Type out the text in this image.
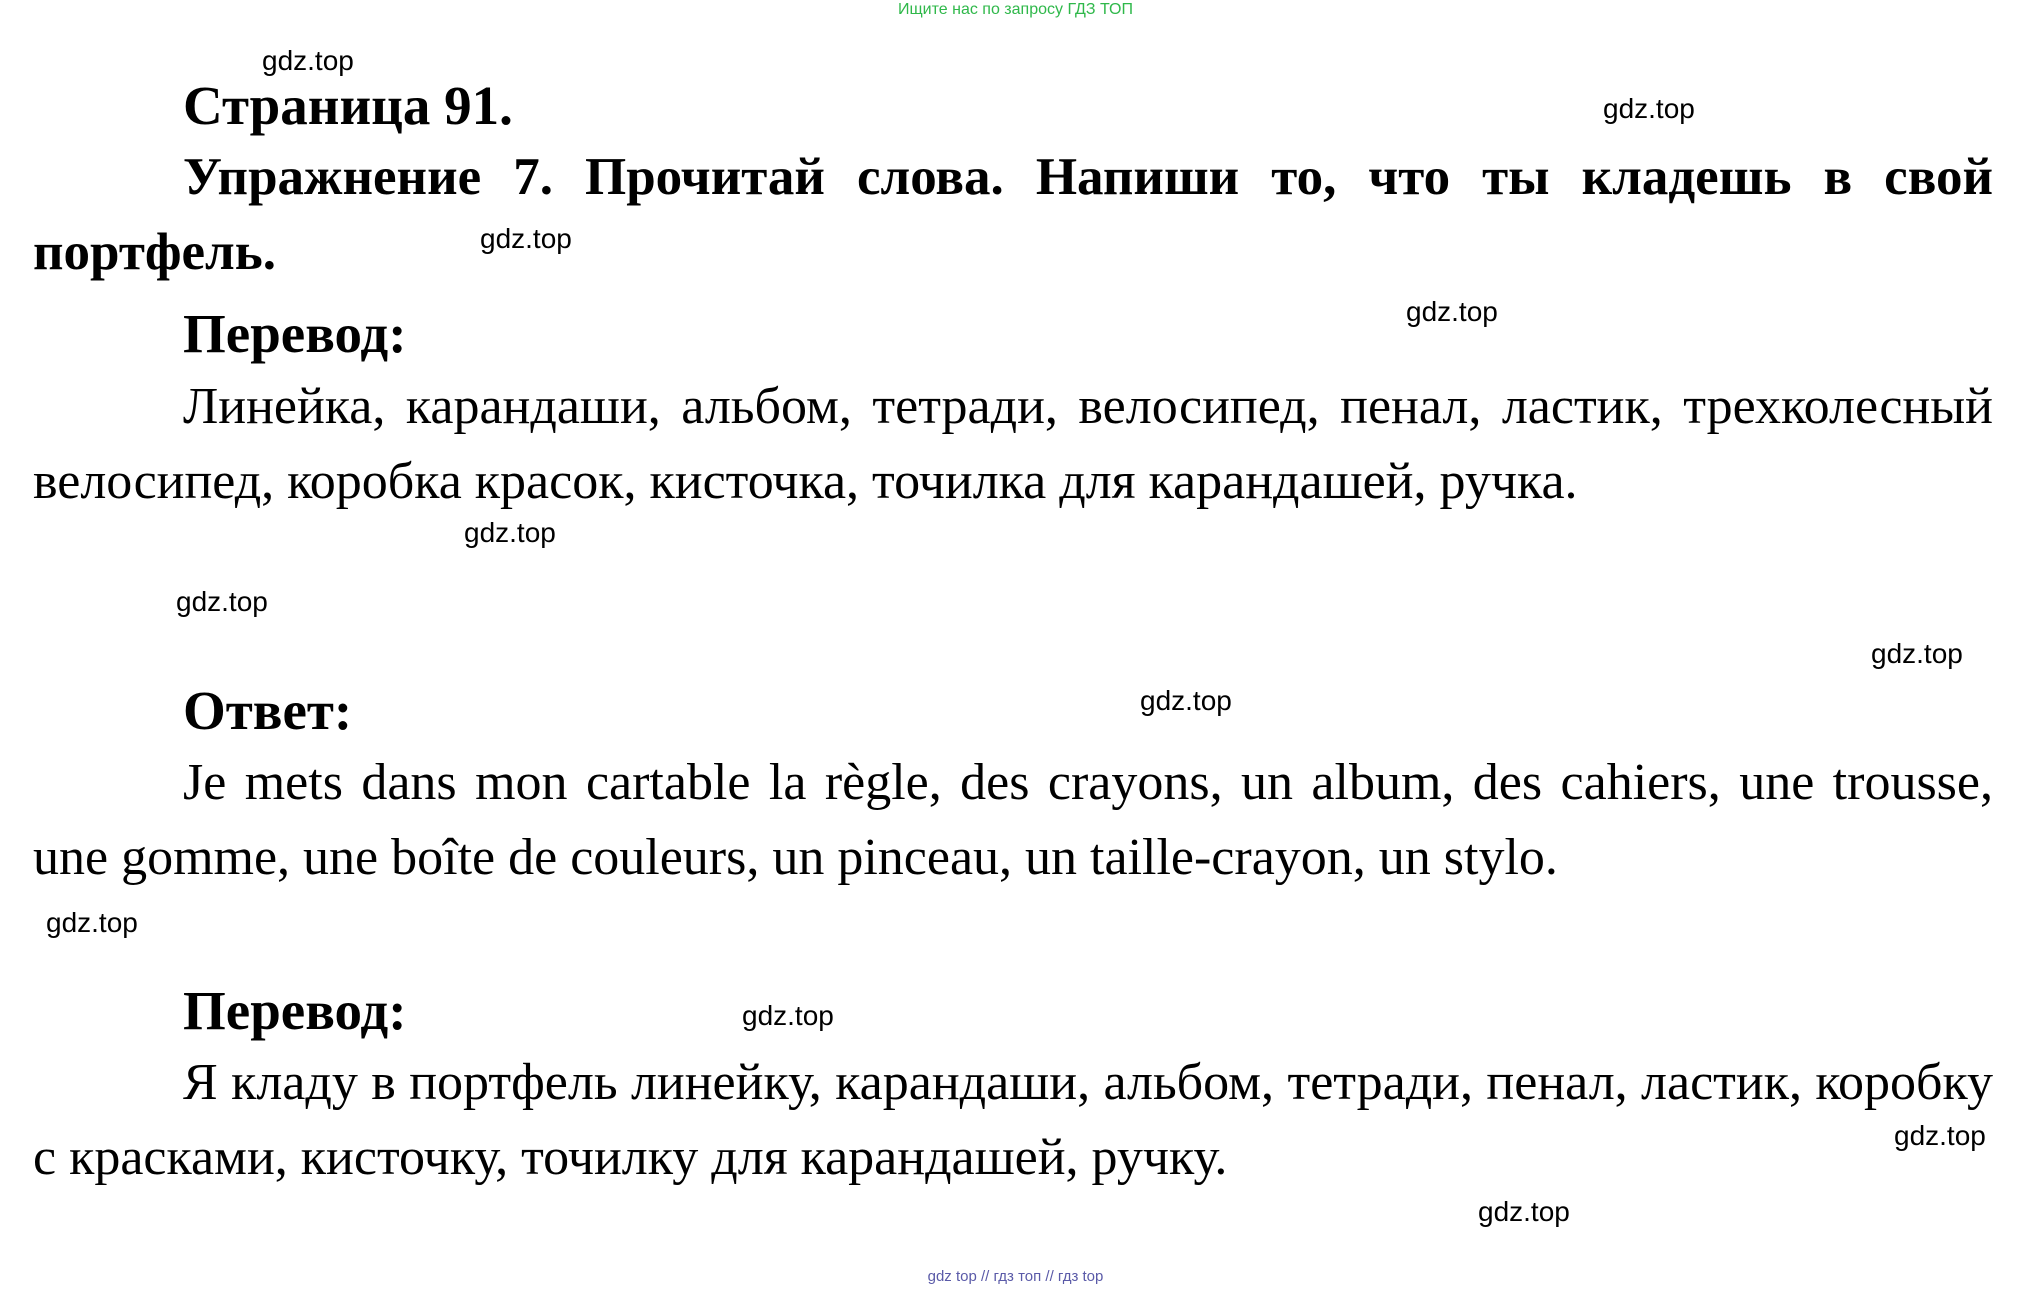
Ищите нас по запросу ГДЗ ТОП
gdz.top
gdz.top
gdz.top
gdz.top
gdz.top
gdz.top
gdz.top
gdz.top
gdz.top
gdz.top
gdz.top
gdz.top
Страница 91.
Упражнение 7. Прочитай слова. Напиши то, что ты кладешь в свой портфель.
Перевод:
Линейка, карандаши, альбом, тетради, велосипед, пенал, ластик, трехколесный велосипед, коробка красок, кисточка, точилка для карандашей, ручка.
Ответ:
Je mets dans mon cartable la règle, des crayons, un album, des cahiers, une trousse, une gomme, une boîte de couleurs, un pinceau, un taille-crayon, un stylo.
Перевод:
Я кладу в портфель линейку, карандаши, альбом, тетради, пенал, ластик, коробку с красками, кисточку, точилку для карандашей, ручку.
gdz top // гдз топ // гдз top
